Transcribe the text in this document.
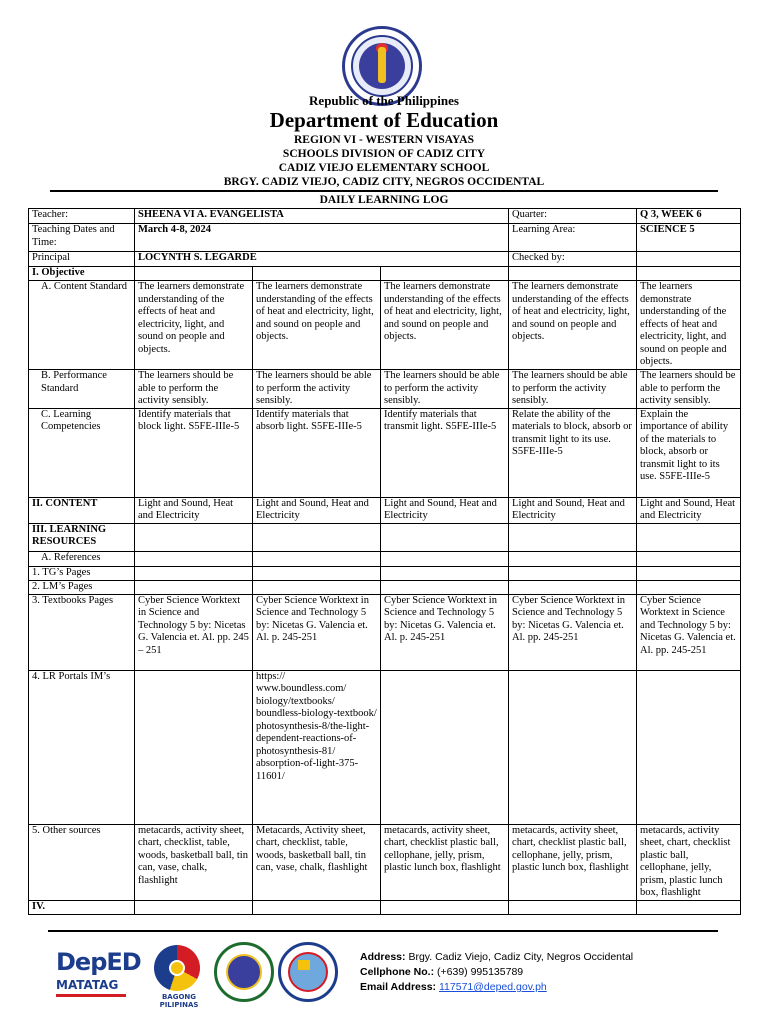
Republic of the Philippines
Department of Education
REGION VI - WESTERN VISAYAS
SCHOOLS DIVISION OF CADIZ CITY
CADIZ VIEJO ELEMENTARY SCHOOL
BRGY. CADIZ VIEJO, CADIZ CITY, NEGROS OCCIDENTAL
DAILY LEARNING LOG
Teacher:	SHEENA VI A. EVANGELISTA			Quarter:	Q 3, WEEK 6
Teaching Dates and Time:	March 4-8, 2024			Learning Area:	SCIENCE 5
Principal	LOCYNTH S. LEGARDE			Checked by:	
I. Objective					
A. Content Standard	The learners demonstrate understanding of the effects of heat and electricity, light, and sound on people and objects.	The learners demonstrate understanding of the effects of heat and electricity, light, and sound on people and objects.	The learners demonstrate understanding of the effects of heat and electricity, light, and sound on people and objects.	The learners demonstrate understanding of the effects of heat and electricity, light, and sound on people and objects.	The learners demonstrate understanding of the effects of heat and electricity, light, and sound on people and objects.
B. Performance Standard	The learners should be able to perform the activity sensibly.	The learners should be able to perform the activity sensibly.	The learners should be able to perform the activity sensibly.	The learners should be able to perform the activity sensibly.	The learners should be able to perform the activity sensibly.
C. Learning Competencies	Identify materials that block light. S5FE-IIIe-5	Identify materials that absorb light. S5FE-IIIe-5	Identify materials that transmit light. S5FE-IIIe-5	Relate the ability of the materials to block, absorb or transmit light to its use. S5FE-IIIe-5	Explain the importance of ability of the materials to block, absorb or transmit light to its use. S5FE-IIIe-5
II. CONTENT	Light and Sound, Heat and Electricity	Light and Sound, Heat and Electricity	Light and Sound, Heat and Electricity	Light and Sound, Heat and Electricity	Light and Sound, Heat and Electricity
III. LEARNING RESOURCES					
A. References					
1. TG’s Pages					
2. LM’s Pages					
3. Textbooks Pages	Cyber Science Worktext in Science and Technology 5 by: Nicetas G. Valencia et. Al. pp. 245 – 251	Cyber Science Worktext in Science and Technology 5 by: Nicetas G. Valencia et. Al. p. 245-251	Cyber Science Worktext in Science and Technology 5 by: Nicetas G. Valencia et. Al. p. 245-251	Cyber Science Worktext in Science and Technology 5 by: Nicetas G. Valencia et. Al. pp. 245-251	Cyber Science Worktext in Science and Technology 5 by: Nicetas G. Valencia et. Al. pp. 245-251
4. LR Portals IM’s		https:// www.boundless.com/ biology/textbooks/ boundless-biology-textbook/ photosynthesis-8/the-light-dependent-reactions-of-photosynthesis-81/ absorption-of-light-375-11601/			
5. Other sources	metacards, activity sheet, chart, checklist, table, woods, basketball ball, tin can, vase, chalk, flashlight	Metacards, Activity sheet, chart, checklist, table, woods, basketball ball, tin can, vase, chalk, flashlight	metacards, activity sheet, chart, checklist plastic ball, cellophane, jelly, prism, plastic lunch box, flashlight	metacards, activity sheet, chart, checklist plastic ball, cellophane, jelly, prism, plastic lunch box, flashlight	metacards, activity sheet, chart, checklist plastic ball, cellophane, jelly, prism, plastic lunch box, flashlight
IV.					
DepED
MATATAG
BAGONG PILIPINAS
Address: Brgy. Cadiz Viejo, Cadiz City, Negros Occidental
Cellphone No.: (+639) 995135789
Email Address: 117571@deped.gov.ph
